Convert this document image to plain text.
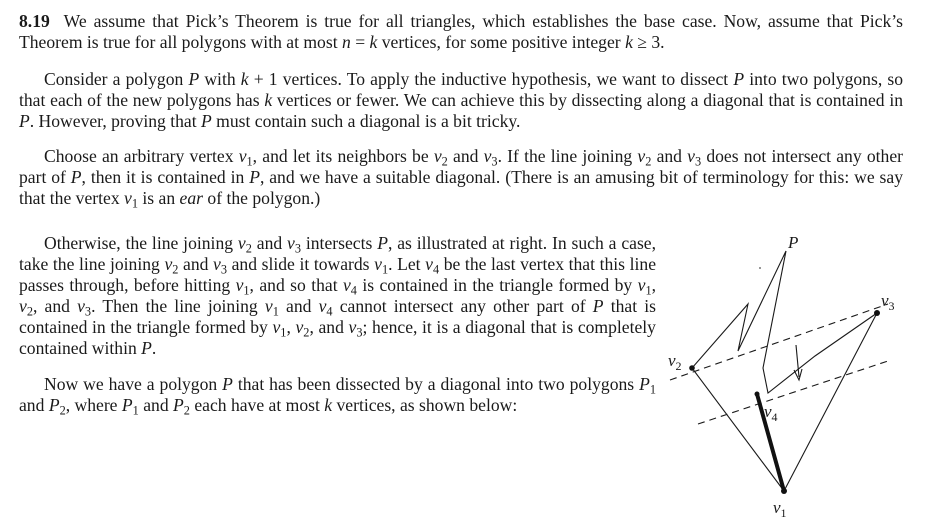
8.19 We assume that Pick’s Theorem is true for all triangles, which establishes the base case. Now, assume that Pick’s Theorem is true for all polygons with at most n = k vertices, for some positive integer k ≥ 3.

Consider a polygon P with k + 1 vertices. To apply the inductive hypothesis, we want to dissect P into two polygons, so that each of the new polygons has k vertices or fewer. We can achieve this by dissecting along a diagonal that is contained in P. However, proving that P must contain such a diagonal is a bit tricky.

Choose an arbitrary vertex $v_1$, and let its neighbors be $v_2$ and $v_3$. If the line joining $v_2$ and $v_3$ does not intersect any other part of P, then it is contained in P, and we have a suitable diagonal. (There is an amusing bit of terminology for this: we say that the vertex $v_1$ is an ear of the polygon.)

Otherwise, the line joining $v_2$ and $v_3$ intersects P, as illustrated at right. In such a case, take the line joining $v_2$ and $v_3$ and slide it towards $v_1$. Let $v_4$ be the last vertex that this line passes through, before hitting $v_1$, and so that $v_4$ is contained in the triangle formed by $v_1$, $v_2$, and $v_3$. Then the line joining $v_1$ and $v_4$ cannot intersect any other part of P that is contained in the triangle formed by $v_1$, $v_2$, and $v_3$; hence, it is a diagonal that is completely contained within P.

Now we have a polygon P that has been dissected by a diagonal into two polygons $P_1$ and $P_2$, where $P_1$ and $P_2$ each have at most k vertices, as shown below:

P
$v_2$
$v_3$
$v_4$
$v_1$
